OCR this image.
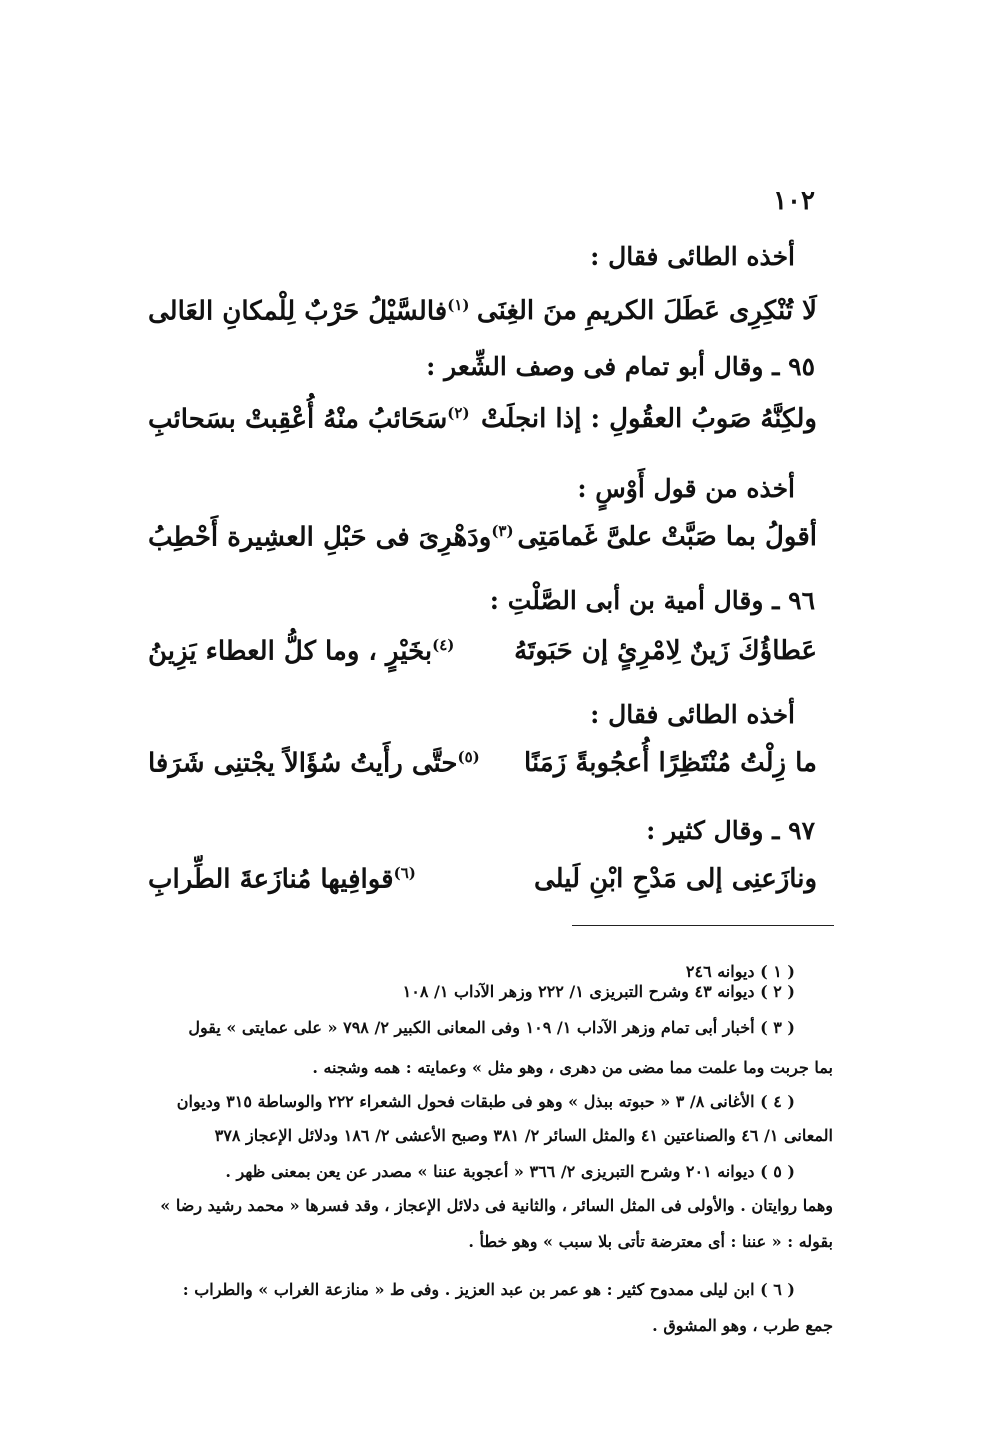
١٠٢
أخذه الطائى فقال :
لَا تُنْكِرِى عَطَلَ الكريمِ منَ الغِنَى
$^{(١)}$فالسَّيْلُ حَرْبٌ لِلْمكانِ العَالى
٩٥ ـ وقال أبو تمام فى وصف الشِّعر :
ولكِنَّهُ صَوبُ العقُولِ : إذا انجلَتْ
$^{(٢)}$سَحَائبُ منْهُ أُعْقِبتْ بسَحائبِ
أخذه من قول أَوْسٍ :
أقولُ بما صَبَّتْ علىَّ غَمامَتِى
$^{(٣)}$ودَهْرِىَ فى حَبْلِ العشِيرة أَحْطِبُ
٩٦ ـ وقال أمية بن أبى الصَّلْتِ :
عَطاؤُكَ زَينٌ لِامْرِئٍ إن حَبَوتَهُ
$^{(٤)}$بخَيْرٍ ، وما كلُّ العطاء يَزِينُ
أخذه الطائى فقال :
ما زِلْتُ مُنْتَظِرًا أُعجُوبةً زَمَنًا
$^{(٥)}$حتَّى رأَيتُ سُؤَالاً يجْتنِى شَرَفا
٩٧ ـ وقال كثير :
ونازَعنِى إلى مَدْحِ ابْنِ لَيلى
$^{(٦)}$قوافِيها مُنازَعةَ الطِّرابِ
( ١ ) ديوانه ٢٤٦
( ٢ ) ديوانه ٤٣ وشرح التبريزى ١/ ٢٢٢ وزهر الآداب ١/ ١٠٨
( ٣ ) أخبار أبى تمام وزهر الآداب ١/ ١٠٩ وفى المعانى الكبير ٢/ ٧٩٨ « على عمايتى » يقول
بما جربت وما علمت مما مضى من دهرى ، وهو مثل » وعمايته : همه وشجنه .
( ٤ ) الأغانى ٨/ ٣ « حبوته ببذل » وهو فى طبقات فحول الشعراء ٢٢٢ والوساطة ٣١٥ وديوان
المعانى ١/ ٤٦ والصناعتين ٤١ والمثل السائر ٢/ ٣٨١ وصبح الأعشى ٢/ ١٨٦ ودلائل الإعجاز ٣٧٨
( ٥ ) ديوانه ٢٠١ وشرح التبريزى ٢/ ٣٦٦ « أعجوبة عننا » مصدر عن يعن بمعنى ظهر .
وهما روايتان . والأولى فى المثل السائر ، والثانية فى دلائل الإعجاز ، وقد فسرها « محمد رشيد رضا »
بقوله : « عننا : أى معترضة تأتى بلا سبب » وهو خطأ .
( ٦ ) ابن ليلى ممدوح كثير : هو عمر بن عبد العزيز . وفى ط « منازعة الغراب » والطراب :
جمع طرب ، وهو المشوق .
